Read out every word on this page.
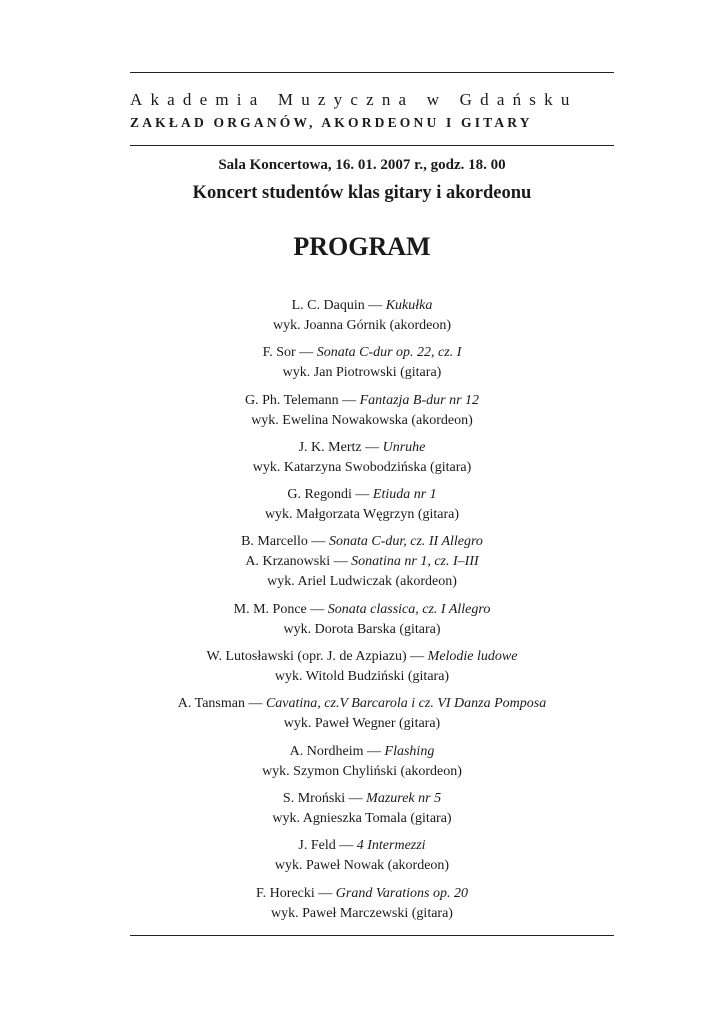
Akademia Muzyczna w Gdańsku
ZAKŁAD ORGANÓW, AKORDEONU I GITARY
Sala Koncertowa, 16. 01. 2007 r., godz. 18. 00
Koncert studentów klas gitary i akordeonu
PROGRAM
L. C. Daquin — Kukułka
wyk. Joanna Górnik (akordeon)
F. Sor — Sonata C-dur op. 22, cz. I
wyk. Jan Piotrowski (gitara)
G. Ph. Telemann — Fantazja B-dur nr 12
wyk. Ewelina Nowakowska (akordeon)
J. K. Mertz — Unruhe
wyk. Katarzyna Swobodzińska (gitara)
G. Regondi — Etiuda nr 1
wyk. Małgorzata Węgrzyn (gitara)
B. Marcello — Sonata C-dur, cz. II Allegro
A. Krzanowski — Sonatina nr 1, cz. I–III
wyk. Ariel Ludwiczak (akordeon)
M. M. Ponce — Sonata classica, cz. I Allegro
wyk. Dorota Barska (gitara)
W. Lutosławski (opr. J. de Azpiazu) — Melodie ludowe
wyk. Witold Budziński (gitara)
A. Tansman — Cavatina, cz.V Barcarola i cz. VI Danza Pomposa
wyk. Paweł Wegner (gitara)
A. Nordheim — Flashing
wyk. Szymon Chyliński (akordeon)
S. Mroński — Mazurek nr 5
wyk. Agnieszka Tomala (gitara)
J. Feld — 4 Intermezzi
wyk. Paweł Nowak (akordeon)
F. Horecki — Grand Varations op. 20
wyk. Paweł Marczewski (gitara)
